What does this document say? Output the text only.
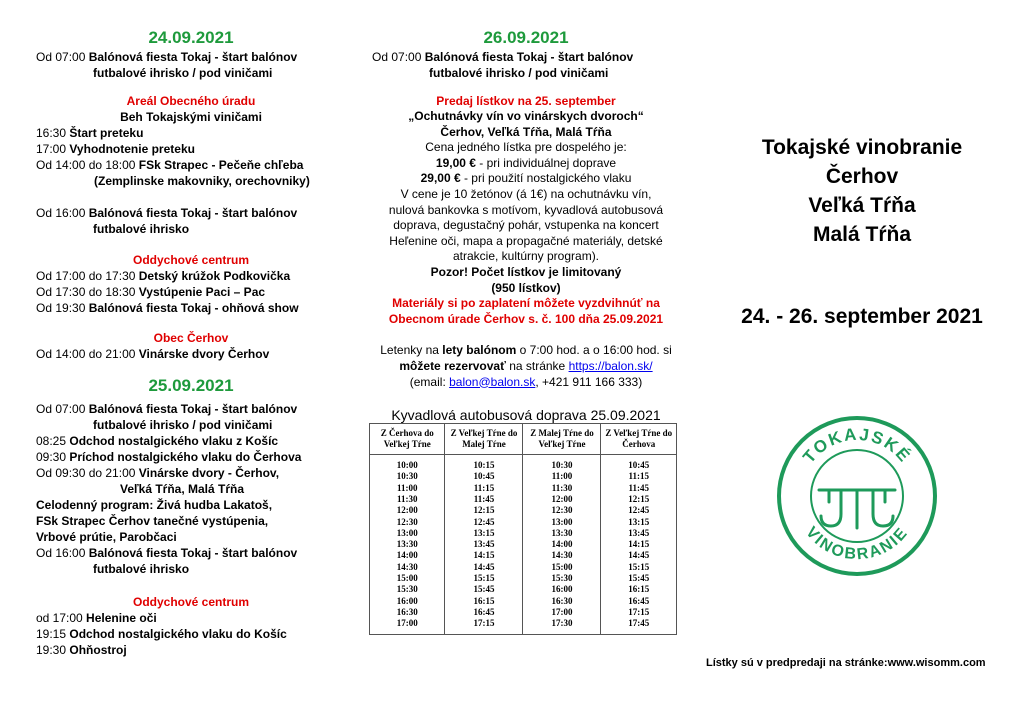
24.09.2021
Od 07:00 Balónová fiesta Tokaj - štart balónov
futbalové ihrisko / pod viničami
Areál Obecného úradu
Beh Tokajskými viničami
16:30 Štart preteku
17:00 Vyhodnotenie preteku
Od 14:00 do 18:00 FSk Strapec - Pečeňe chľeba
(Zemplinske makovniky, orechovniky)
Od 16:00 Balónová fiesta Tokaj - štart balónov
futbalové ihrisko
Oddychové centrum
Od 17:00 do 17:30 Detský krúžok Podkovička
Od 17:30 do 18:30 Vystúpenie Paci – Pac
Od 19:30 Balónová fiesta Tokaj - ohňová show
Obec Čerhov
Od 14:00 do 21:00 Vinárske dvory Čerhov
25.09.2021
Od 07:00 Balónová fiesta Tokaj - štart balónov
futbalové ihrisko / pod viničami
08:25 Odchod nostalgického vlaku z Košíc
09:30 Príchod nostalgického vlaku do Čerhova
Od 09:30 do 21:00 Vinárske dvory - Čerhov,
Veľká Tŕňa, Malá Tŕňa
Celodenný program: Živá hudba Lakatoš,
FSk Strapec Čerhov tanečné vystúpenia,
Vrbové prútie, Parobčaci
Od 16:00 Balónová fiesta Tokaj - štart balónov
futbalové ihrisko
Oddychové centrum
od 17:00 Helenine oči
19:15 Odchod nostalgického vlaku do Košíc
19:30 Ohňostroj
26.09.2021
Od 07:00 Balónová fiesta Tokaj - štart balónov
futbalové ihrisko / pod viničami
Predaj lístkov na 25. september
„Ochutnávky vín vo vinárskych dvoroch“
Čerhov, Veľká Tŕňa, Malá Tŕňa
Cena jedného lístka pre dospelého je:
19,00 € - pri individuálnej doprave
29,00 € - pri použití nostalgického vlaku
V cene je 10 žetónov (á 1€) na ochutnávku vín,
nulová bankovka s motívom, kyvadlová autobusová
doprava, degustačný pohár, vstupenka na koncert
Heľenine oči, mapa a propagačné materiály, detské
atrakcie, kultúrny program).
Pozor! Počet lístkov je limitovaný
(950 lístkov)
Materiály si po zaplatení môžete vyzdvihnúť na
Obecnom úrade Čerhov s. č. 100 dňa 25.09.2021
Letenky na lety balónom o 7:00 hod. a o 16:00 hod. si
môžete rezervovať na stránke https://balon.sk/
(email: balon@balon.sk, +421 911 166 333)
Kyvadlová autobusová doprava 25.09.2021
Z Čerhova do Veľkej Tŕne	Z Veľkej Tŕne do Malej Tŕne	Z Malej Tŕne do Veľkej Tŕne	Z Veľkej Tŕne do Čerhova

10:00	10:15	10:30	10:45
10:30	10:45	11:00	11:15
11:00	11:15	11:30	11:45
11:30	11:45	12:00	12:15
12:00	12:15	12:30	12:45
12:30	12:45	13:00	13:15
13:00	13:15	13:30	13:45
13:30	13:45	14:00	14:15
14:00	14:15	14:30	14:45
14:30	14:45	15:00	15:15
15:00	15:15	15:30	15:45
15:30	15:45	16:00	16:15
16:00	16:15	16:30	16:45
16:30	16:45	17:00	17:15
17:00	17:15	17:30	17:45
Tokajské vinobranie
Čerhov
Veľká Tŕňa
Malá Tŕňa
24. - 26. september 2021
TOKAJSKÉ
VINOBRANIE
Lístky sú v predpredaji na stránke:www.wisomm.com
